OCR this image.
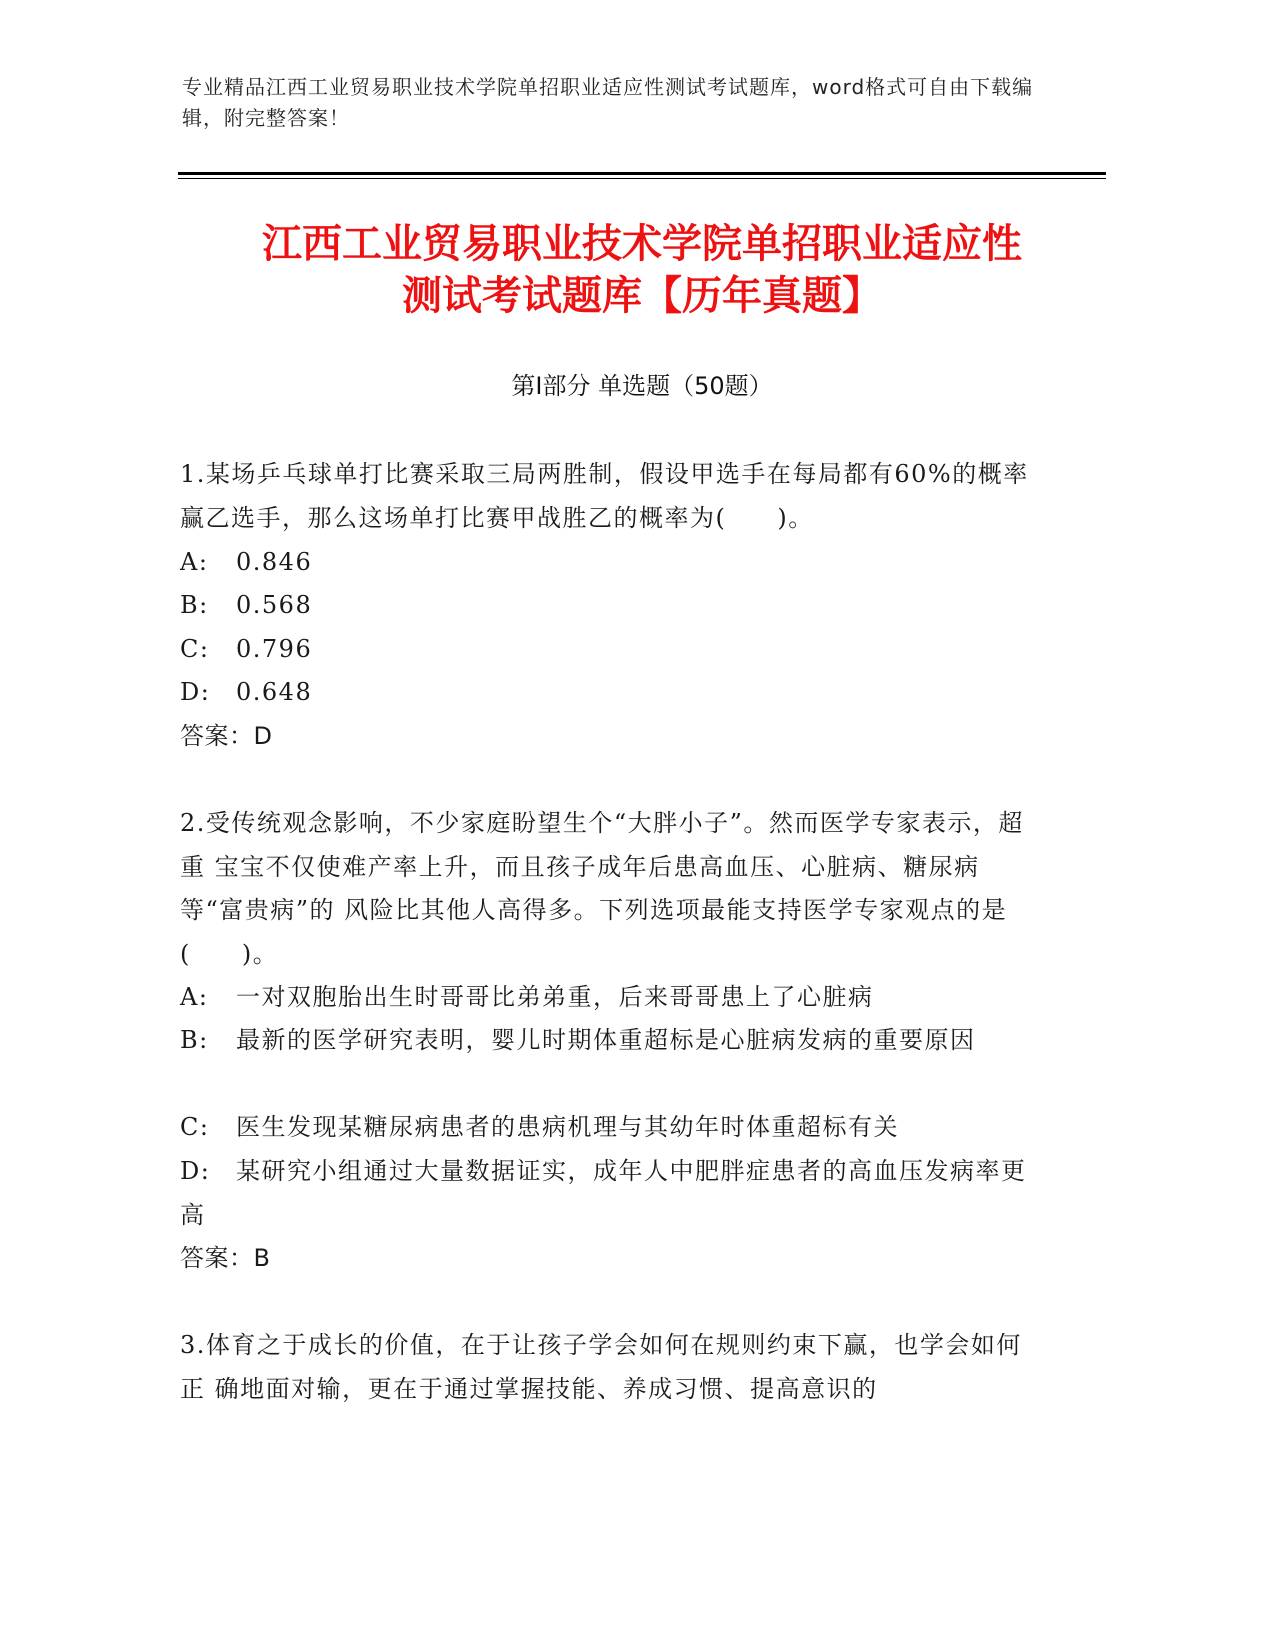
专业精品江西工业贸易职业技术学院单招职业适应性测试考试题库，word格式可自由下载编辑，附完整答案！
江西工业贸易职业技术学院单招职业适应性
测试考试题库【历年真题】
第Ⅰ部分 单选题（50题）
1.某场乒乓球单打比赛采取三局两胜制，假设甲选手在每局都有60%的概率赢乙选手，那么这场单打比赛甲战胜乙的概率为(　　)。
A: 0.846
B: 0.568
C: 0.796
D: 0.648
答案：D
2.受传统观念影响，不少家庭盼望生个“大胖小子”。然而医学专家表示，超重 宝宝不仅使难产率上升，而且孩子成年后患高血压、心脏病、糖尿病等“富贵病”的 风险比其他人高得多。下列选项最能支持医学专家观点的是(　　)。
A: 一对双胞胎出生时哥哥比弟弟重，后来哥哥患上了心脏病
B: 最新的医学研究表明，婴儿时期体重超标是心脏病发病的重要原因
C: 医生发现某糖尿病患者的患病机理与其幼年时体重超标有关
D: 某研究小组通过大量数据证实，成年人中肥胖症患者的高血压发病率更高
答案：B
3.体育之于成长的价值，在于让孩子学会如何在规则约束下赢，也学会如何正 确地面对输，更在于通过掌握技能、养成习惯、提高意识的
